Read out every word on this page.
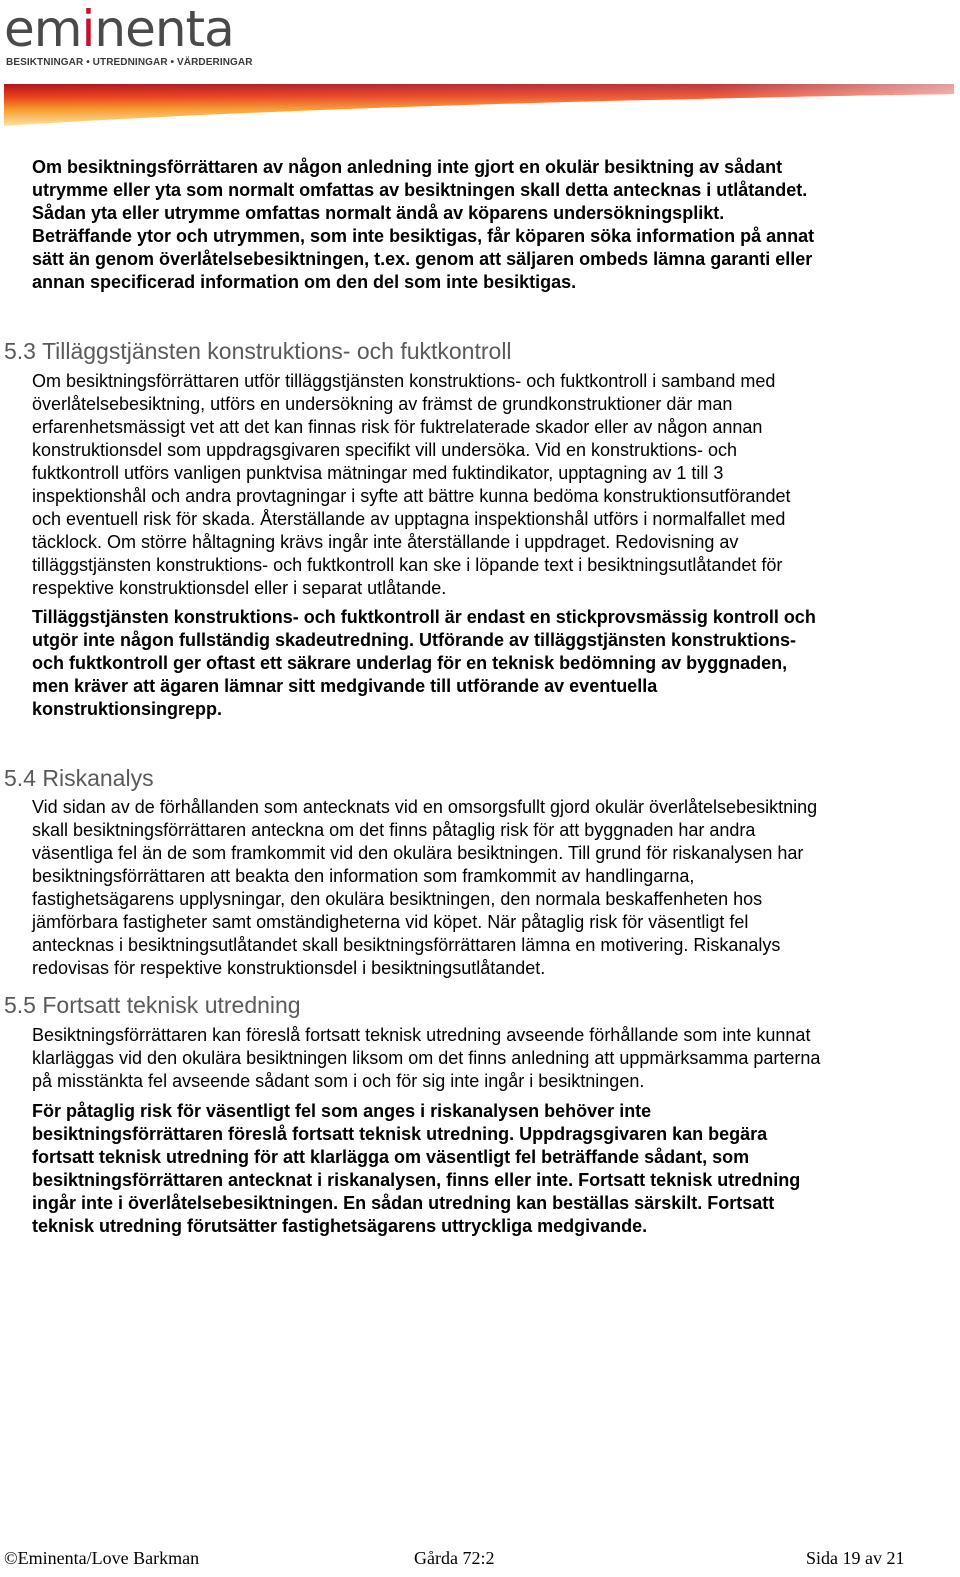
eminenta
BESIKTNINGAR • UTREDNINGAR • VÄRDERINGAR

Om besiktningsförrättaren av någon anledning inte gjort en okulär besiktning av sådant
utrymme eller yta som normalt omfattas av besiktningen skall detta antecknas i utlåtandet.
Sådan yta eller utrymme omfattas normalt ändå av köparens undersökningsplikt.
Beträffande ytor och utrymmen, som inte besiktigas, får köparen söka information på annat
sätt än genom överlåtelsebesiktningen, t.ex. genom att säljaren ombeds lämna garanti eller
annan specificerad information om den del som inte besiktigas.

5.3 Tilläggstjänsten konstruktions- och fuktkontroll

Om besiktningsförrättaren utför tilläggstjänsten konstruktions- och fuktkontroll i samband med
överlåtelsebesiktning, utförs en undersökning av främst de grundkonstruktioner där man
erfarenhetsmässigt vet att det kan finnas risk för fuktrelaterade skador eller av någon annan
konstruktionsdel som uppdragsgivaren specifikt vill undersöka. Vid en konstruktions- och
fuktkontroll utförs vanligen punktvisa mätningar med fuktindikator, upptagning av 1 till 3
inspektionshål och andra provtagningar i syfte att bättre kunna bedöma konstruktionsutförandet
och eventuell risk för skada. Återställande av upptagna inspektionshål utförs i normalfallet med
täcklock. Om större håltagning krävs ingår inte återställande i uppdraget. Redovisning av
tilläggstjänsten konstruktions- och fuktkontroll kan ske i löpande text i besiktningsutlåtandet för
respektive konstruktionsdel eller i separat utlåtande.

Tilläggstjänsten konstruktions- och fuktkontroll är endast en stickprovsmässig kontroll och
utgör inte någon fullständig skadeutredning. Utförande av tilläggstjänsten konstruktions-
och fuktkontroll ger oftast ett säkrare underlag för en teknisk bedömning av byggnaden,
men kräver att ägaren lämnar sitt medgivande till utförande av eventuella
konstruktionsingrepp.

5.4 Riskanalys

Vid sidan av de förhållanden som antecknats vid en omsorgsfullt gjord okulär överlåtelsebesiktning
skall besiktningsförrättaren anteckna om det finns påtaglig risk för att byggnaden har andra
väsentliga fel än de som framkommit vid den okulära besiktningen. Till grund för riskanalysen har
besiktningsförrättaren att beakta den information som framkommit av handlingarna,
fastighetsägarens upplysningar, den okulära besiktningen, den normala beskaffenheten hos
jämförbara fastigheter samt omständigheterna vid köpet. När påtaglig risk för väsentligt fel
antecknas i besiktningsutlåtandet skall besiktningsförrättaren lämna en motivering. Riskanalys
redovisas för respektive konstruktionsdel i besiktningsutlåtandet.

5.5 Fortsatt teknisk utredning

Besiktningsförrättaren kan föreslå fortsatt teknisk utredning avseende förhållande som inte kunnat
klarläggas vid den okulära besiktningen liksom om det finns anledning att uppmärksamma parterna
på misstänkta fel avseende sådant som i och för sig inte ingår i besiktningen.

För påtaglig risk för väsentligt fel som anges i riskanalysen behöver inte
besiktningsförrättaren föreslå fortsatt teknisk utredning. Uppdragsgivaren kan begära
fortsatt teknisk utredning för att klarlägga om väsentligt fel beträffande sådant, som
besiktningsförrättaren antecknat i riskanalysen, finns eller inte. Fortsatt teknisk utredning
ingår inte i överlåtelsebesiktningen. En sådan utredning kan beställas särskilt. Fortsatt
teknisk utredning förutsätter fastighetsägarens uttryckliga medgivande.

©Eminenta/Love Barkman	Gårda 72:2	Sida 19 av 21
